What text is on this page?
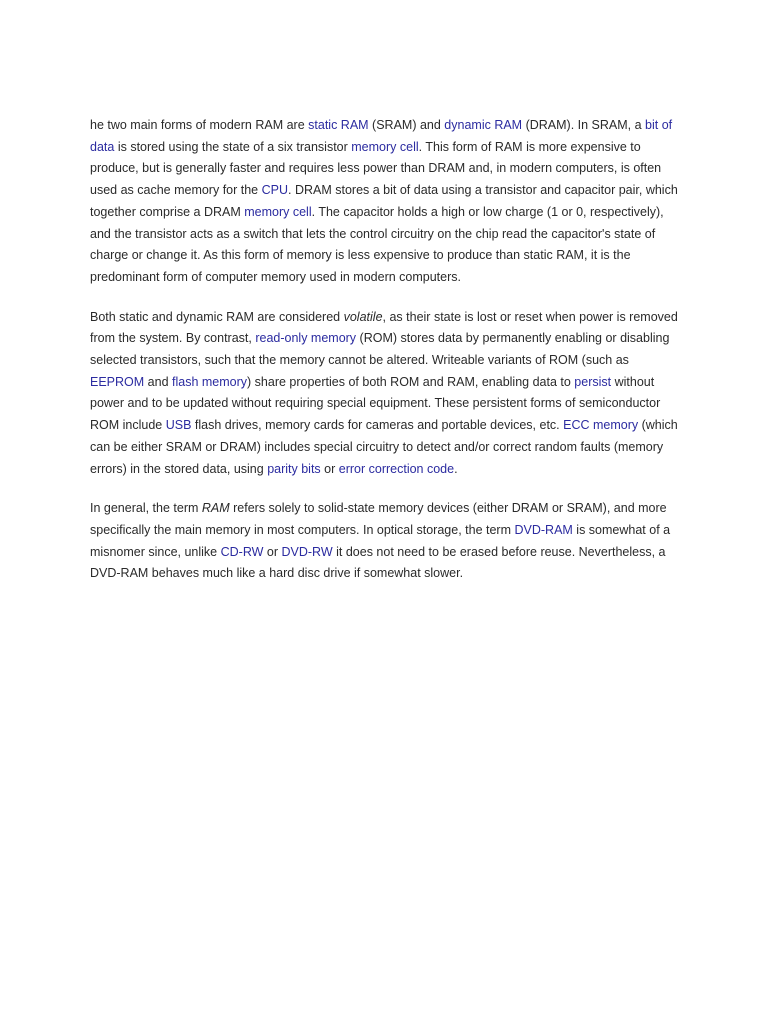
he two main forms of modern RAM are static RAM (SRAM) and dynamic RAM (DRAM). In SRAM, a bit of data is stored using the state of a six transistor memory cell. This form of RAM is more expensive to produce, but is generally faster and requires less power than DRAM and, in modern computers, is often used as cache memory for the CPU. DRAM stores a bit of data using a transistor and capacitor pair, which together comprise a DRAM memory cell. The capacitor holds a high or low charge (1 or 0, respectively), and the transistor acts as a switch that lets the control circuitry on the chip read the capacitor's state of charge or change it. As this form of memory is less expensive to produce than static RAM, it is the predominant form of computer memory used in modern computers.

Both static and dynamic RAM are considered volatile, as their state is lost or reset when power is removed from the system. By contrast, read-only memory (ROM) stores data by permanently enabling or disabling selected transistors, such that the memory cannot be altered. Writeable variants of ROM (such as EEPROM and flash memory) share properties of both ROM and RAM, enabling data to persist without power and to be updated without requiring special equipment. These persistent forms of semiconductor ROM include USB flash drives, memory cards for cameras and portable devices, etc. ECC memory (which can be either SRAM or DRAM) includes special circuitry to detect and/or correct random faults (memory errors) in the stored data, using parity bits or error correction code.

In general, the term RAM refers solely to solid-state memory devices (either DRAM or SRAM), and more specifically the main memory in most computers. In optical storage, the term DVD-RAM is somewhat of a misnomer since, unlike CD-RW or DVD-RW it does not need to be erased before reuse. Nevertheless, a DVD-RAM behaves much like a hard disc drive if somewhat slower.
